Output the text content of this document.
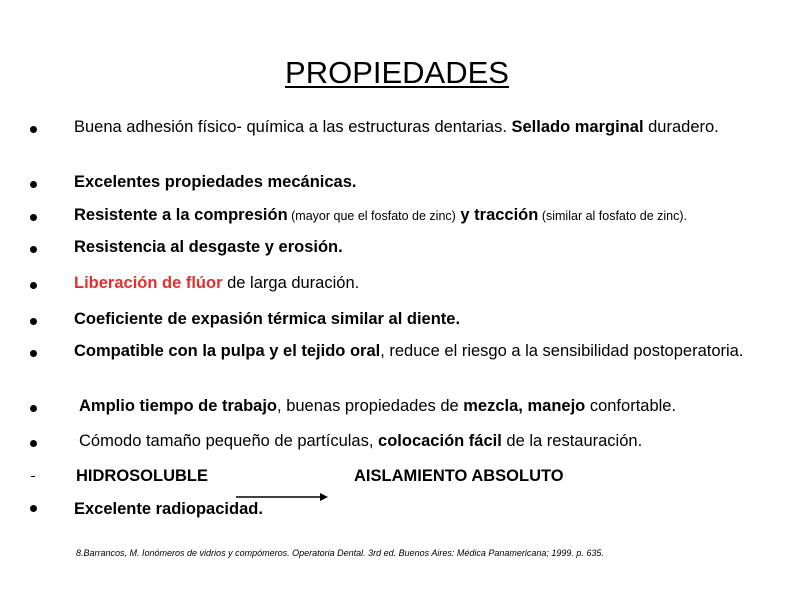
PROPIEDADES
Buena adhesión físico- química a las estructuras dentarias. Sellado marginal duradero.
Excelentes propiedades mecánicas.
Resistente a la compresión (mayor que el fosfato de zinc) y tracción (similar al fosfato de zinc).
Resistencia al desgaste y erosión.
Liberación de flúor de larga duración.
Coeficiente de expasión térmica similar al diente.
Compatible con la pulpa y el tejido oral, reduce el riesgo a la sensibilidad postoperatoria.
Amplio tiempo de trabajo, buenas propiedades de mezcla, manejo confortable.
Cómodo tamaño pequeño de partículas, colocación fácil de la restauración.
HIDROSOLUBLE	AISLAMIENTO ABSOLUTO
Excelente radiopacidad.
8.Barrancos, M. Ionómeros de vidrios y compómeros. Operatoria Dental. 3rd ed. Buenos Aires: Médica Panamericana; 1999. p. 635.
